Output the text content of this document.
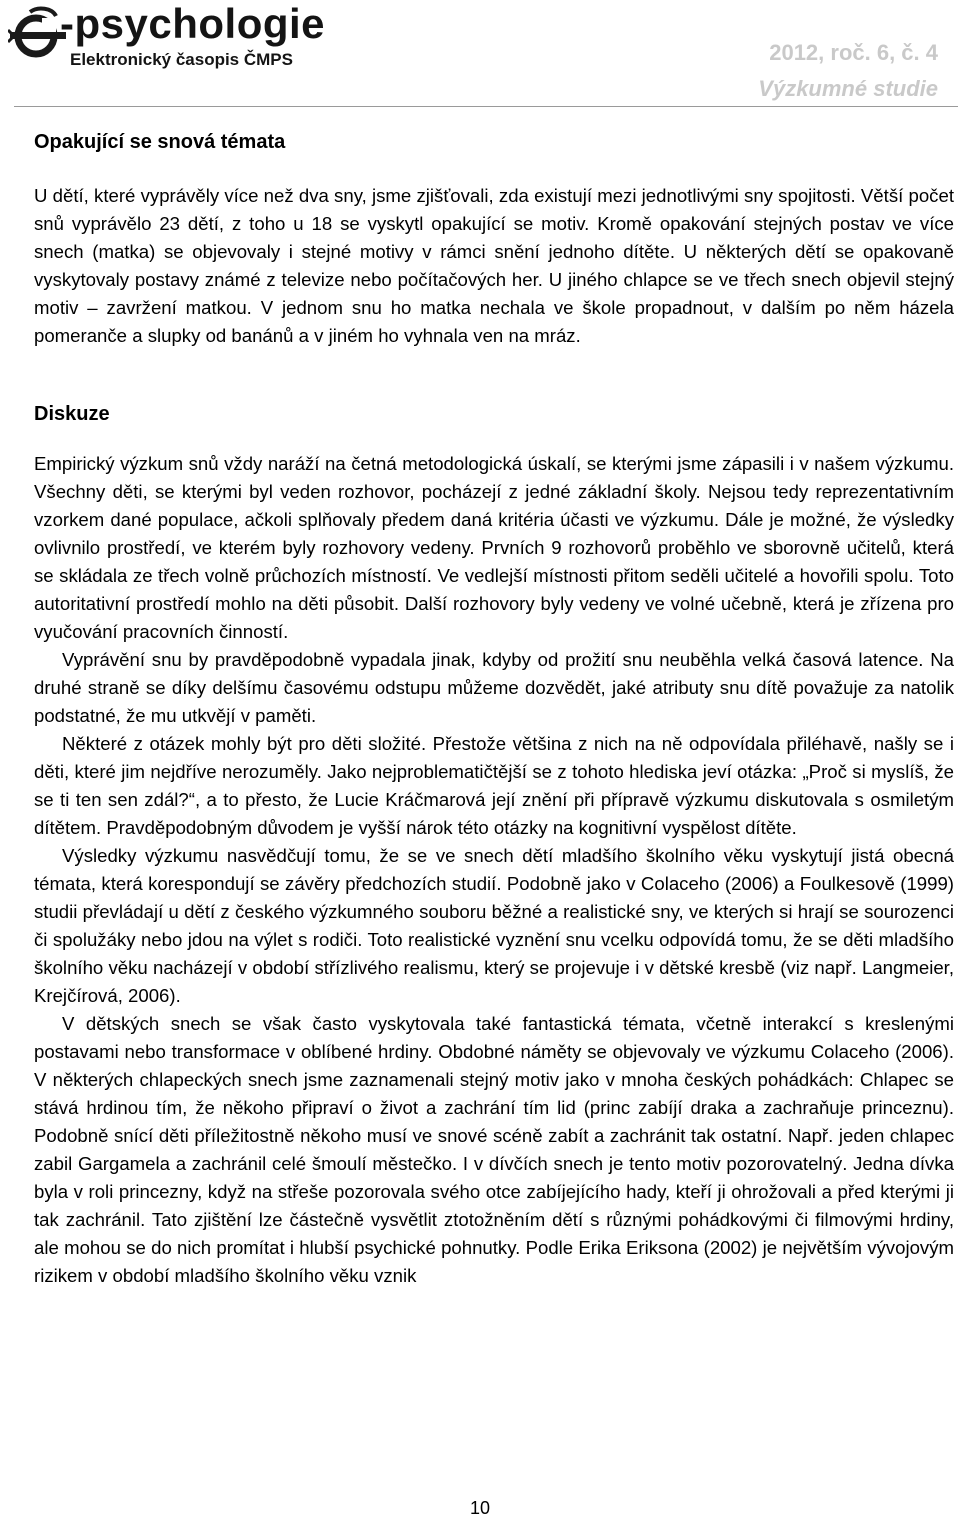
-psychologie
Elektronický časopis ČMPS	2012, roč. 6, č. 4
Výzkumné studie
Opakující se snová témata

U dětí, které vyprávěly více než dva sny, jsme zjišťovali, zda existují mezi jednotlivými sny spojitosti. Větší počet snů vyprávělo 23 dětí, z toho u 18 se vyskytl opakující se motiv. Kromě opakování stejných postav ve více snech (matka) se objevovaly i stejné motivy v rámci snění jednoho dítěte. U některých dětí se opakovaně vyskytovaly postavy známé z televize nebo počítačových her. U jiného chlapce se ve třech snech objevil stejný motiv – zavržení matkou. V jednom snu ho matka nechala ve škole propadnout, v dalším po něm házela pomeranče a slupky od banánů a v jiném ho vyhnala ven na mráz.

Diskuze

Empirický výzkum snů vždy naráží na četná metodologická úskalí, se kterými jsme zápasili i v našem výzkumu. Všechny děti, se kterými byl veden rozhovor, pocházejí z jedné základní školy. Nejsou tedy reprezentativním vzorkem dané populace, ačkoli splňovaly předem daná kritéria účasti ve výzkumu. Dále je možné, že výsledky ovlivnilo prostředí, ve kterém byly rozhovory vedeny. Prvních 9 rozhovorů proběhlo ve sborovně učitelů, která se skládala ze třech volně průchozích místností. Ve vedlejší místnosti přitom seděli učitelé a hovořili spolu. Toto autoritativní prostředí mohlo na děti působit. Další rozhovory byly vedeny ve volné učebně, která je zřízena pro vyučování pracovních činností.

Vyprávění snu by pravděpodobně vypadala jinak, kdyby od prožití snu neuběhla velká časová latence. Na druhé straně se díky delšímu časovému odstupu můžeme dozvědět, jaké atributy snu dítě považuje za natolik podstatné, že mu utkvějí v paměti.

Některé z otázek mohly být pro děti složité. Přestože většina z nich na ně odpovídala přiléhavě, našly se i děti, které jim nejdříve nerozuměly. Jako nejproblematičtější se z tohoto hlediska jeví otázka: „Proč si myslíš, že se ti ten sen zdál?“, a to přesto, že Lucie Kráčmarová její znění při přípravě výzkumu diskutovala s osmiletým dítětem. Pravděpodobným důvodem je vyšší nárok této otázky na kognitivní vyspělost dítěte.

Výsledky výzkumu nasvědčují tomu, že se ve snech dětí mladšího školního věku vyskytují jistá obecná témata, která korespondují se závěry předchozích studií. Podobně jako v Colaceho (2006) a Foulkesově (1999) studii převládají u dětí z českého výzkumného souboru běžné a realistické sny, ve kterých si hrají se sourozenci či spolužáky nebo jdou na výlet s rodiči. Toto realistické vyznění snu vcelku odpovídá tomu, že se děti mladšího školního věku nacházejí v období střízlivého realismu, který se projevuje i v dětské kresbě (viz např. Langmeier, Krejčírová, 2006).

V dětských snech se však často vyskytovala také fantastická témata, včetně interakcí s kreslenými postavami nebo transformace v oblíbené hrdiny. Obdobné náměty se objevovaly ve výzkumu Colaceho (2006). V některých chlapeckých snech jsme zaznamenali stejný motiv jako v mnoha českých pohádkách: Chlapec se stává hrdinou tím, že někoho připraví o život a zachrání tím lid (princ zabíjí draka a zachraňuje princeznu). Podobně snící děti příležitostně někoho musí ve snové scéně zabít a zachránit tak ostatní. Např. jeden chlapec zabil Gargamela a zachránil celé šmoulí městečko. I v dívčích snech je tento motiv pozorovatelný. Jedna dívka byla v roli princezny, když na střeše pozorovala svého otce zabíjejícího hady, kteří ji ohrožovali a před kterými ji tak zachránil. Tato zjištění lze částečně vysvětlit ztotožněním dětí s různými pohádkovými či filmovými hrdiny, ale mohou se do nich promítat i hlubší psychické pohnutky. Podle Erika Eriksona (2002) je největším vývojovým rizikem v období mladšího školního věku vznik

10
